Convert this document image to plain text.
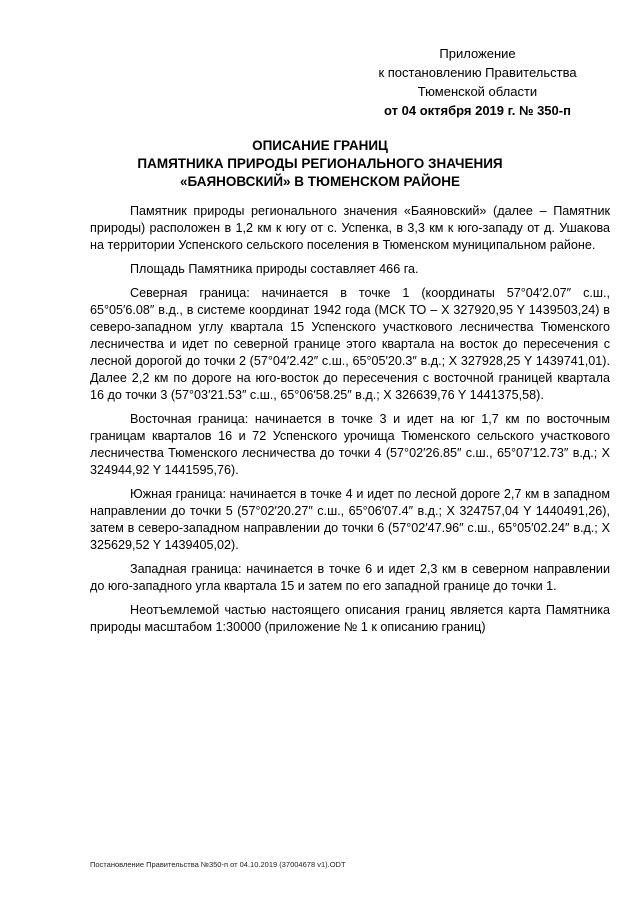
Приложение
к постановлению Правительства
Тюменской области
от 04 октября 2019 г. № 350-п
ОПИСАНИЕ ГРАНИЦ
ПАМЯТНИКА ПРИРОДЫ РЕГИОНАЛЬНОГО ЗНАЧЕНИЯ
«БАЯНОВСКИЙ» В ТЮМЕНСКОМ РАЙОНЕ

Памятник природы регионального значения «Баяновский» (далее – Памятник природы) расположен в 1,2 км к югу от с. Успенка, в 3,3 км к юго-западу от д. Ушакова на территории Успенского сельского поселения в Тюменском муниципальном районе.

Площадь Памятника природы составляет 466 га.

Северная граница: начинается в точке 1 (координаты 57°04′2.07″ с.ш., 65°05′6.08″ в.д., в системе координат 1942 года (МСК ТО – X 327920,95 Y 1439503,24) в северо-западном углу квартала 15 Успенского участкового лесничества Тюменского лесничества и идет по северной границе этого квартала на восток до пересечения с лесной дорогой до точки 2 (57°04′2.42″ с.ш., 65°05′20.3″ в.д.; X 327928,25 Y 1439741,01). Далее 2,2 км по дороге на юго-восток до пересечения с восточной границей квартала 16 до точки 3 (57°03′21.53″ с.ш., 65°06′58.25″ в.д.; X 326639,76 Y 1441375,58).

Восточная граница: начинается в точке 3 и идет на юг 1,7 км по восточным границам кварталов 16 и 72 Успенского урочища Тюменского сельского участкового лесничества Тюменского лесничества до точки 4 (57°02′26.85″ с.ш., 65°07′12.73″ в.д.; X 324944,92 Y 1441595,76).

Южная граница: начинается в точке 4 и идет по лесной дороге 2,7 км в западном направлении до точки 5 (57°02′20.27″ с.ш., 65°06′07.4″ в.д.; X 324757,04 Y 1440491,26), затем в северо-западном направлении до точки 6 (57°02′47.96″ с.ш., 65°05′02.24″ в.д.; X 325629,52 Y 1439405,02).

Западная граница: начинается в точке 6 и идет 2,3 км в северном направлении до юго-западного угла квартала 15 и затем по его западной границе до точки 1.

Неотъемлемой частью настоящего описания границ является карта Памятника природы масштабом 1:30000 (приложение № 1 к описанию границ)

Постановление Правительства №350-п от 04.10.2019 (37004678 v1).ODT
